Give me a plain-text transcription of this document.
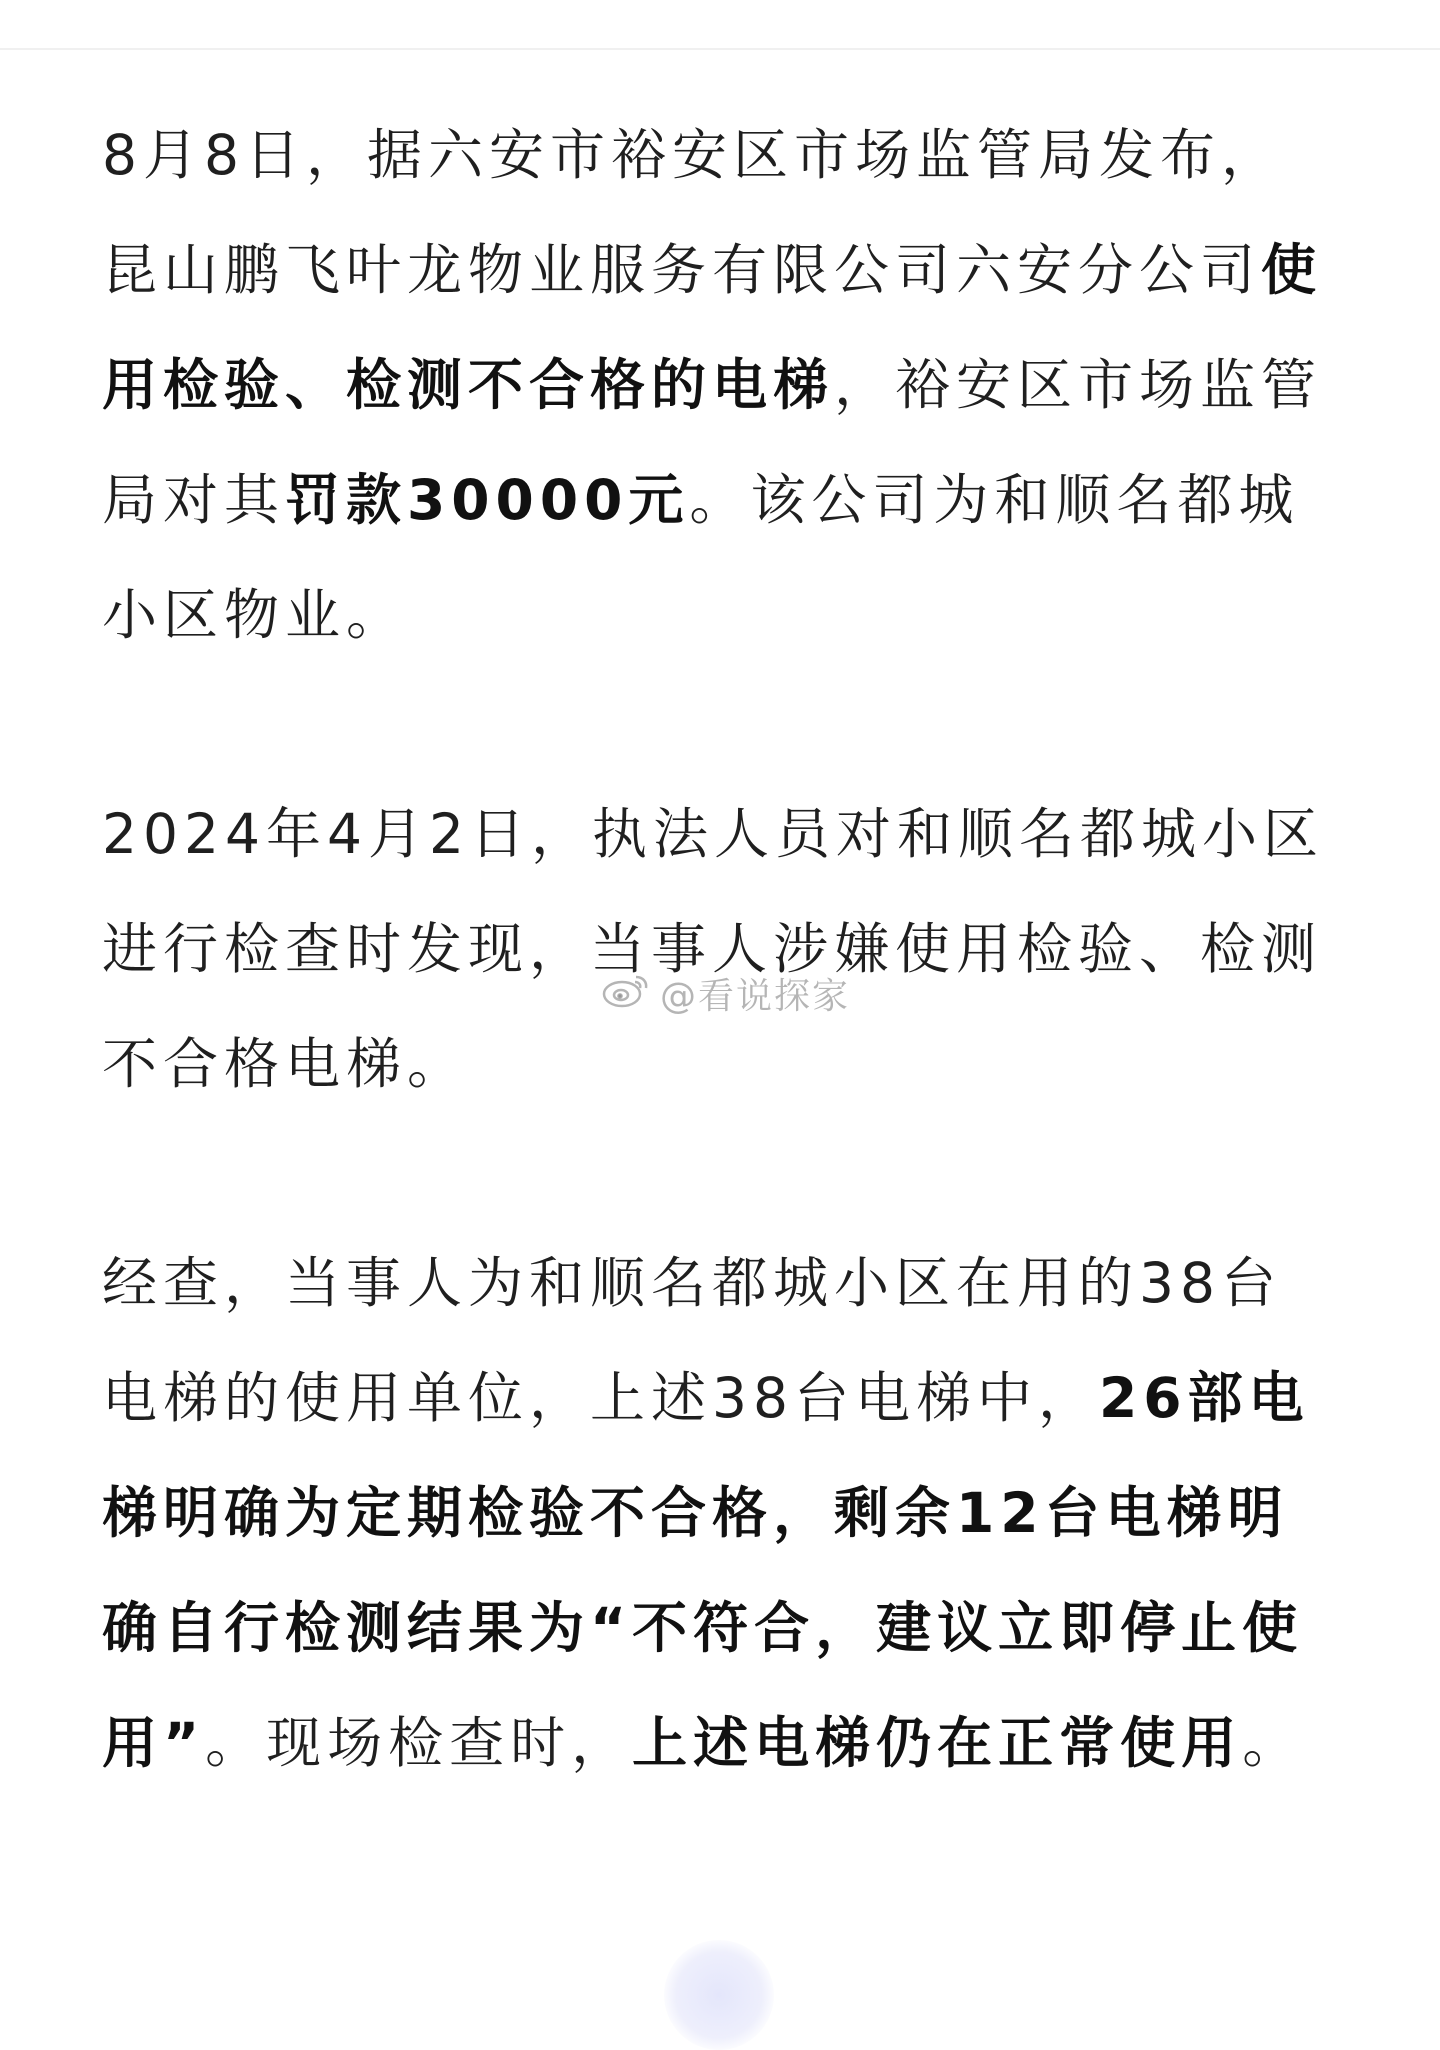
8月8日，据六安市裕安区市场监管局发布，昆山鹏飞叶龙物业服务有限公司六安分公司使用检验、检测不合格的电梯，裕安区市场监管局对其罚款30000元。该公司为和顺名都城小区物业。

2024年4月2日，执法人员对和顺名都城小区进行检查时发现，当事人涉嫌使用检验、检测不合格电梯。

经查，当事人为和顺名都城小区在用的38台电梯的使用单位，上述38台电梯中，26部电梯明确为定期检验不合格，剩余12台电梯明确自行检测结果为“不符合，建议立即停止使用”。现场检查时，上述电梯仍在正常使用。

@看说探家
